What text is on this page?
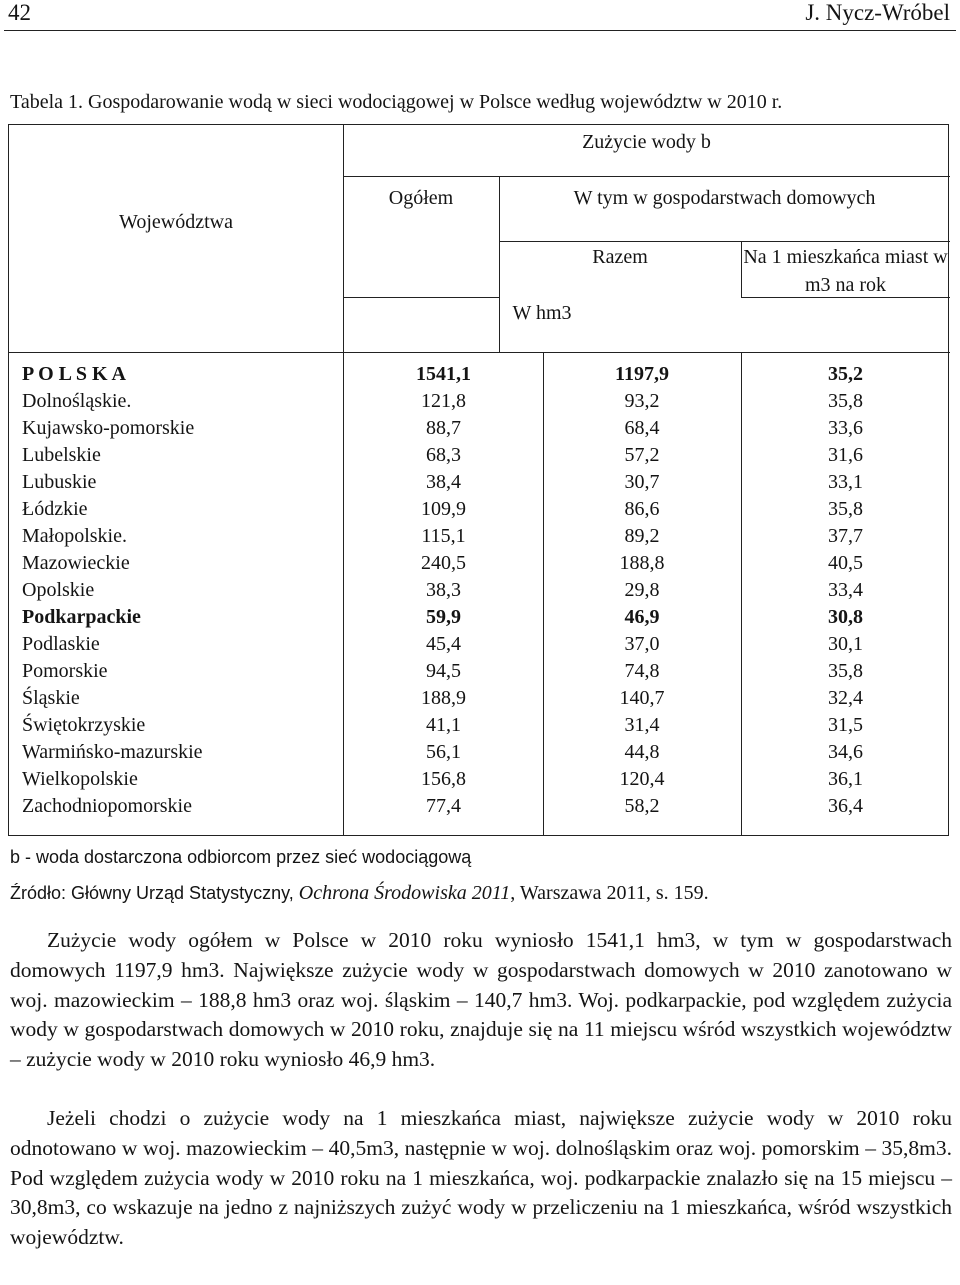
42	J. Nycz-Wróbel
Tabela 1. Gospodarowanie wodą w sieci wodociągowej w Polsce według województw w 2010 r.
Województwa
Zużycie wody b
Ogółem	W tym w gospodarstwach domowych
Razem	Na 1 mieszkańca miast w m3 na rok
W hm3
P O L S K A	1541,1	1197,9	35,2
Dolnośląskie.	121,8	93,2	35,8
Kujawsko-pomorskie	88,7	68,4	33,6
Lubelskie	68,3	57,2	31,6
Lubuskie	38,4	30,7	33,1
Łódzkie	109,9	86,6	35,8
Małopolskie.	115,1	89,2	37,7
Mazowieckie	240,5	188,8	40,5
Opolskie	38,3	29,8	33,4
Podkarpackie	59,9	46,9	30,8
Podlaskie	45,4	37,0	30,1
Pomorskie	94,5	74,8	35,8
Śląskie	188,9	140,7	32,4
Świętokrzyskie	41,1	31,4	31,5
Warmińsko-mazurskie	56,1	44,8	34,6
Wielkopolskie	156,8	120,4	36,1
Zachodniopomorskie	77,4	58,2	36,4
b - woda dostarczona odbiorcom przez sieć wodociągową
Źródło: Główny Urząd Statystyczny, Ochrona Środowiska 2011, Warszawa 2011, s. 159.
Zużycie wody ogółem w Polsce w 2010 roku wyniosło 1541,1 hm3, w tym w gospodarstwach domowych 1197,9 hm3. Największe zużycie wody w gospodarstwach domowych w 2010 zanotowano w woj. mazowieckim – 188,8 hm3 oraz woj. śląskim – 140,7 hm3. Woj. podkarpackie, pod względem zużycia wody w gospodarstwach domowych w 2010 roku, znajduje się na 11 miejscu wśród wszystkich województw – zużycie wody w 2010 roku wyniosło 46,9 hm3.
Jeżeli chodzi o zużycie wody na 1 mieszkańca miast, największe zużycie wody w 2010 roku odnotowano w woj. mazowieckim – 40,5m3, następnie w woj. dolnośląskim oraz woj. pomorskim – 35,8m3. Pod względem zużycia wody w 2010 roku na 1 mieszkańca, woj. podkarpackie znalazło się na 15 miejscu – 30,8m3, co wskazuje na jedno z najniższych zużyć wody w przeliczeniu na 1 mieszkańca, wśród wszystkich województw.
